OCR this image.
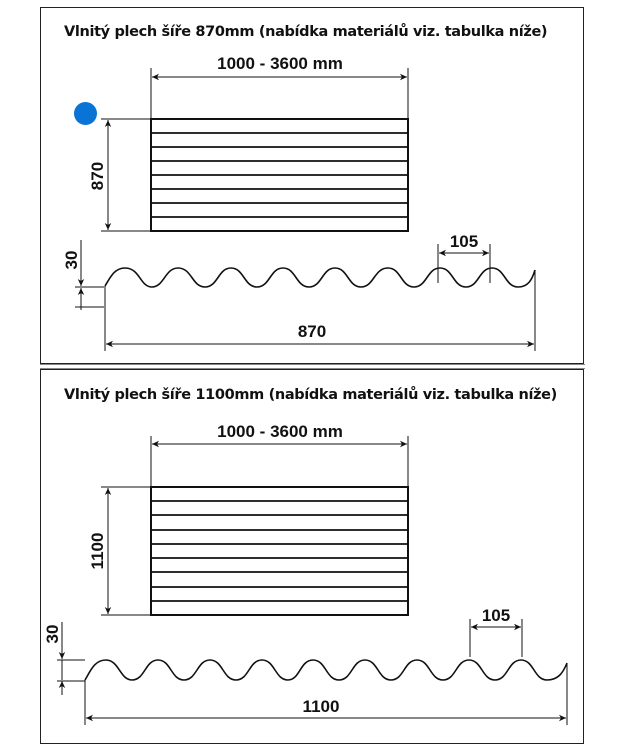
Vlnitý plech šíře 870mm (nabídka materiálů viz. tabulka níže)
Vlnitý plech šíře 1100mm (nabídka materiálů viz. tabulka níže)
1000 - 3600 mm
870
30
105
870
1000 - 3600 mm
1100
30
105
1100
